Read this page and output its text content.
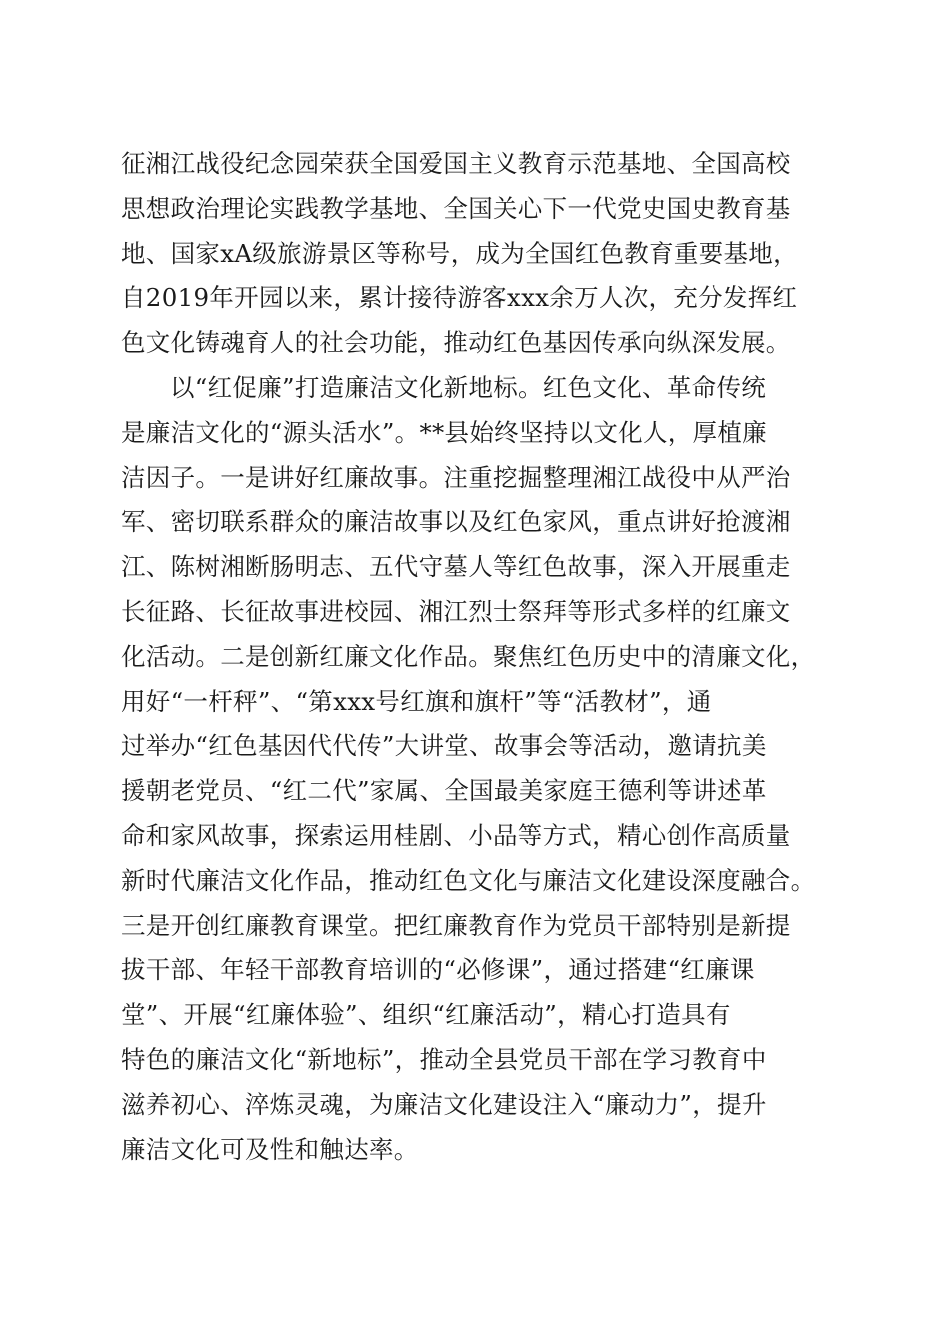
征湘江战役纪念园荣获全国爱国主义教育示范基地、全国高校
思想政治理论实践教学基地、全国关心下一代党史国史教育基
地、国家xA级旅游景区等称号，成为全国红色教育重要基地，
自2019年开园以来，累计接待游客xxx余万人次，充分发挥红
色文化铸魂育人的社会功能，推动红色基因传承向纵深发展。
以“红促廉”打造廉洁文化新地标。红色文化、革命传统
是廉洁文化的“源头活水”。**县始终坚持以文化人，厚植廉
洁因子。一是讲好红廉故事。注重挖掘整理湘江战役中从严治
军、密切联系群众的廉洁故事以及红色家风，重点讲好抢渡湘
江、陈树湘断肠明志、五代守墓人等红色故事，深入开展重走
长征路、长征故事进校园、湘江烈士祭拜等形式多样的红廉文
化活动。二是创新红廉文化作品。聚焦红色历史中的清廉文化，
用好“一杆秤”、“第xxx号红旗和旗杆”等“活教材”，通
过举办“红色基因代代传”大讲堂、故事会等活动，邀请抗美
援朝老党员、“红二代”家属、全国最美家庭王德利等讲述革
命和家风故事，探索运用桂剧、小品等方式，精心创作高质量
新时代廉洁文化作品，推动红色文化与廉洁文化建设深度融合。
三是开创红廉教育课堂。把红廉教育作为党员干部特别是新提
拔干部、年轻干部教育培训的“必修课”，通过搭建“红廉课
堂”、开展“红廉体验”、组织“红廉活动”，精心打造具有
特色的廉洁文化“新地标”，推动全县党员干部在学习教育中
滋养初心、淬炼灵魂，为廉洁文化建设注入“廉动力”，提升
廉洁文化可及性和触达率。
